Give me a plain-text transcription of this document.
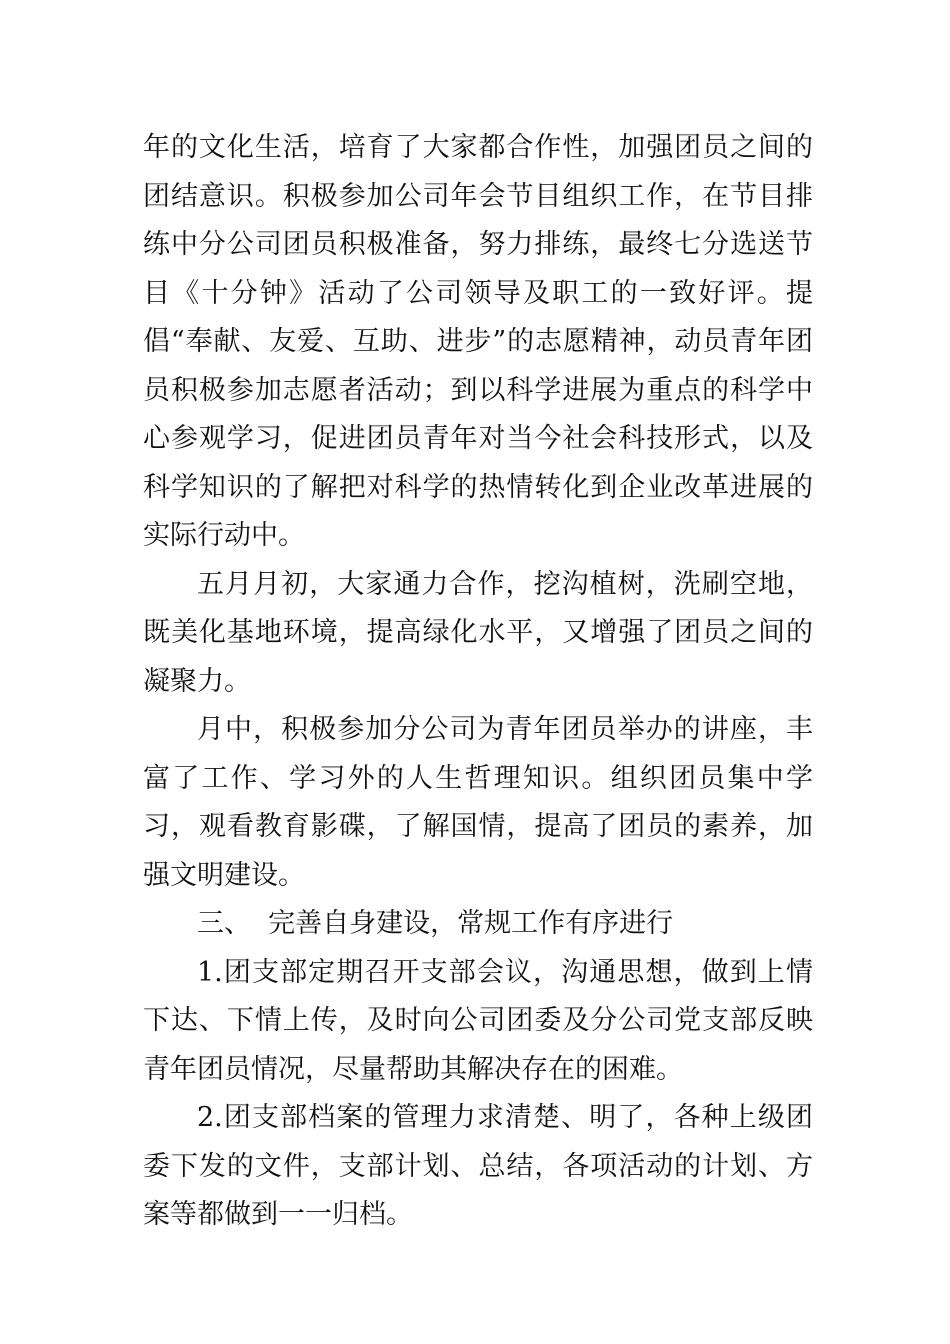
年的文化生活，培育了大家都合作性，加强团员之间的团结意识。积极参加公司年会节目组织工作，在节目排练中分公司团员积极准备，努力排练，最终七分选送节目《十分钟》活动了公司领导及职工的一致好评。提倡“奉献、友爱、互助、进步”的志愿精神，动员青年团员积极参加志愿者活动；到以科学进展为重点的科学中心参观学习，促进团员青年对当今社会科技形式，以及科学知识的了解把对科学的热情转化到企业改革进展的实际行动中。

五月月初，大家通力合作，挖沟植树，洗刷空地，既美化基地环境，提高绿化水平，又增强了团员之间的凝聚力。

月中，积极参加分公司为青年团员举办的讲座，丰富了工作、学习外的人生哲理知识。组织团员集中学习，观看教育影碟，了解国情，提高了团员的素养，加强文明建设。

三、  完善自身建设，常规工作有序进行

1.团支部定期召开支部会议，沟通思想，做到上情下达、下情上传，及时向公司团委及分公司党支部反映青年团员情况，尽量帮助其解决存在的困难。

2.团支部档案的管理力求清楚、明了，各种上级团委下发的文件，支部计划、总结，各项活动的计划、方案等都做到一一归档。
